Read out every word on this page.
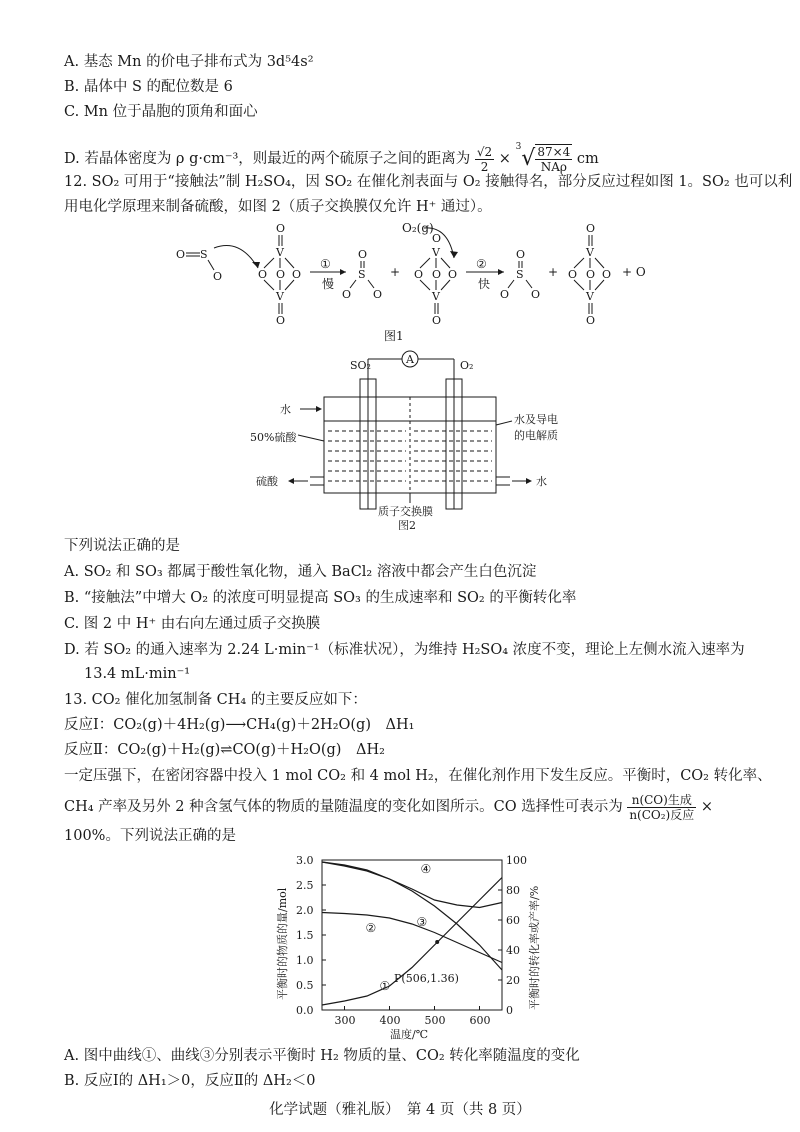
A. 基态 Mn 的价电子排布式为 3d⁵4s²
B. 晶体中 S 的配位数是 6
C. Mn 位于晶胞的顶角和面心
D. 若晶体密度为 ρ g·cm⁻³，则最近的两个硫原子之间的距离为 $\frac{√2}{2} \times ^3√ \frac{87\times 4}{\text{NAρ}}$ cm
12. SO₂ 可用于“接触法”制 H₂SO₄，因 SO₂ 在催化剂表面与 O₂ 接触得名，部分反应过程如图 1。SO₂ 也可以利
用电化学原理来制备硫酸，如图 2（质子交换膜仅允许 H⁺ 通过）。
O S
O
O
V
O O O
V
O
O
S
O O
O
V
O O O
V
O
O
S
O O
O
V
O O O
V
O
O₂(g)
①
慢
②
快
+	+	+ O
图1
SO₂	O₂
A
水
50%硫酸
水及导电
的电解质
硫酸	水
质子交换膜
图2
下列说法正确的是
A. SO₂ 和 SO₃ 都属于酸性氧化物，通入 BaCl₂ 溶液中都会产生白色沉淀
B. “接触法”中增大 O₂ 的浓度可明显提高 SO₃ 的生成速率和 SO₂ 的平衡转化率
C. 图 2 中 H⁺ 由右向左通过质子交换膜
D. 若 SO₂ 的通入速率为 2.24 L·min⁻¹（标准状况），为维持 H₂SO₄ 浓度不变，理论上左侧水流入速率为
13.4 mL·min⁻¹
13. CO₂ 催化加氢制备 CH₄ 的主要反应如下：
反应Ⅰ：CO₂(g)＋4H₂(g)⟶CH₄(g)＋2H₂O(g)　ΔH₁
反应Ⅱ：CO₂(g)＋H₂(g)⇌CO(g)＋H₂O(g)　ΔH₂
一定压强下，在密闭容器中投入 1 mol CO₂ 和 4 mol H₂，在催化剂作用下发生反应。平衡时，CO₂ 转化率、
CH₄ 产率及另外 2 种含氢气体的物质的量随温度的变化如图所示。CO 选择性可表示为 $\frac{\text{n(CO)生成}}{\text{n(CO₂)反应}}$ ×
100%。下列说法正确的是
平衡时的物质的量/mol	平衡时的转化率或产率/%
温度/℃
P(506,1.36)
300 400 500 600
0.0
0.5
1.0
1.5
2.0
2.5
3.0
0
20
40
60
80
100
①
②	③
④
A. 图中曲线①、曲线③分别表示平衡时 H₂ 物质的量、CO₂ 转化率随温度的变化
B. 反应Ⅰ的 ΔH₁＞0，反应Ⅱ的 ΔH₂＜0
化学试题（雅礼版）　第 4 页（共 8 页）
